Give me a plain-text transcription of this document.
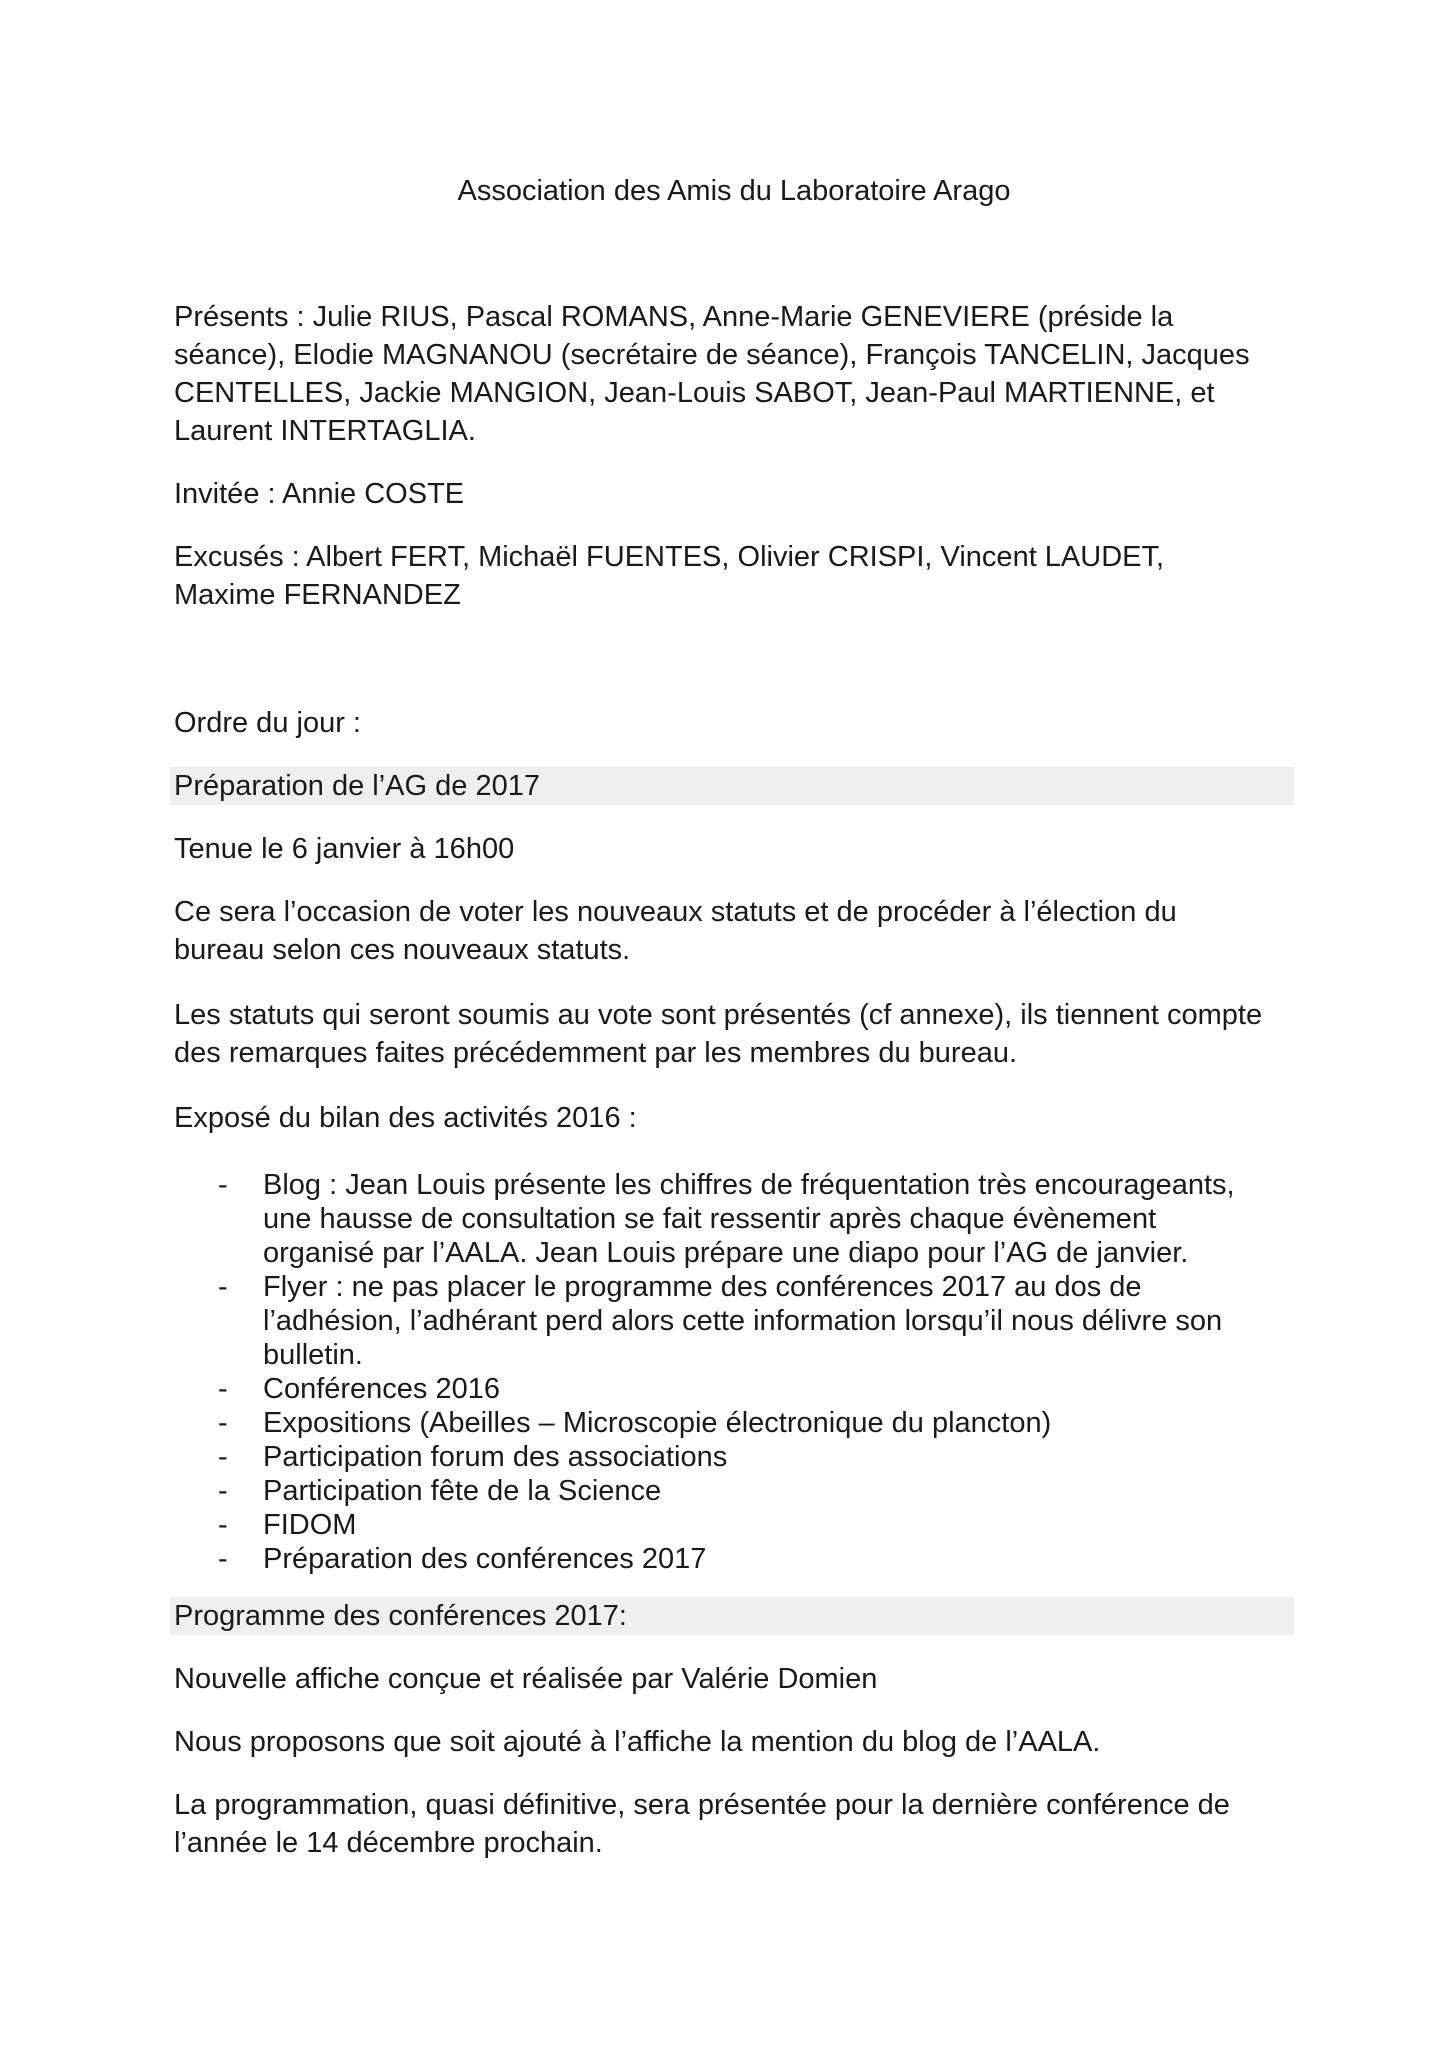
Association des Amis du Laboratoire Arago
Présents : Julie RIUS, Pascal ROMANS, Anne-Marie GENEVIERE (préside la
séance), Elodie MAGNANOU (secrétaire de séance), François TANCELIN, Jacques
CENTELLES, Jackie MANGION, Jean-Louis SABOT, Jean-Paul MARTIENNE, et
Laurent INTERTAGLIA.
Invitée : Annie COSTE
Excusés : Albert FERT, Michaël FUENTES, Olivier CRISPI, Vincent LAUDET,
Maxime FERNANDEZ
Ordre du jour :
Préparation de l’AG de 2017
Tenue le 6 janvier à 16h00
Ce sera l’occasion de voter les nouveaux statuts et de procéder à l’élection du
bureau selon ces nouveaux statuts.
Les statuts qui seront soumis au vote sont présentés (cf annexe), ils tiennent compte
des remarques faites précédemment par les membres du bureau.
Exposé du bilan des activités 2016 :
- Blog : Jean Louis présente les chiffres de fréquentation très encourageants,
une hausse de consultation se fait ressentir après chaque évènement
organisé par l’AALA. Jean Louis prépare une diapo pour l’AG de janvier.
- Flyer : ne pas placer le programme des conférences 2017 au dos de
l’adhésion, l’adhérant perd alors cette information lorsqu’il nous délivre son
bulletin.
- Conférences 2016
- Expositions (Abeilles – Microscopie électronique du plancton)
- Participation forum des associations
- Participation fête de la Science
- FIDOM
- Préparation des conférences 2017
Programme des conférences 2017:
Nouvelle affiche conçue et réalisée par Valérie Domien
Nous proposons que soit ajouté à l’affiche la mention du blog de l’AALA.
La programmation, quasi définitive, sera présentée pour la dernière conférence de
l’année le 14 décembre prochain.
